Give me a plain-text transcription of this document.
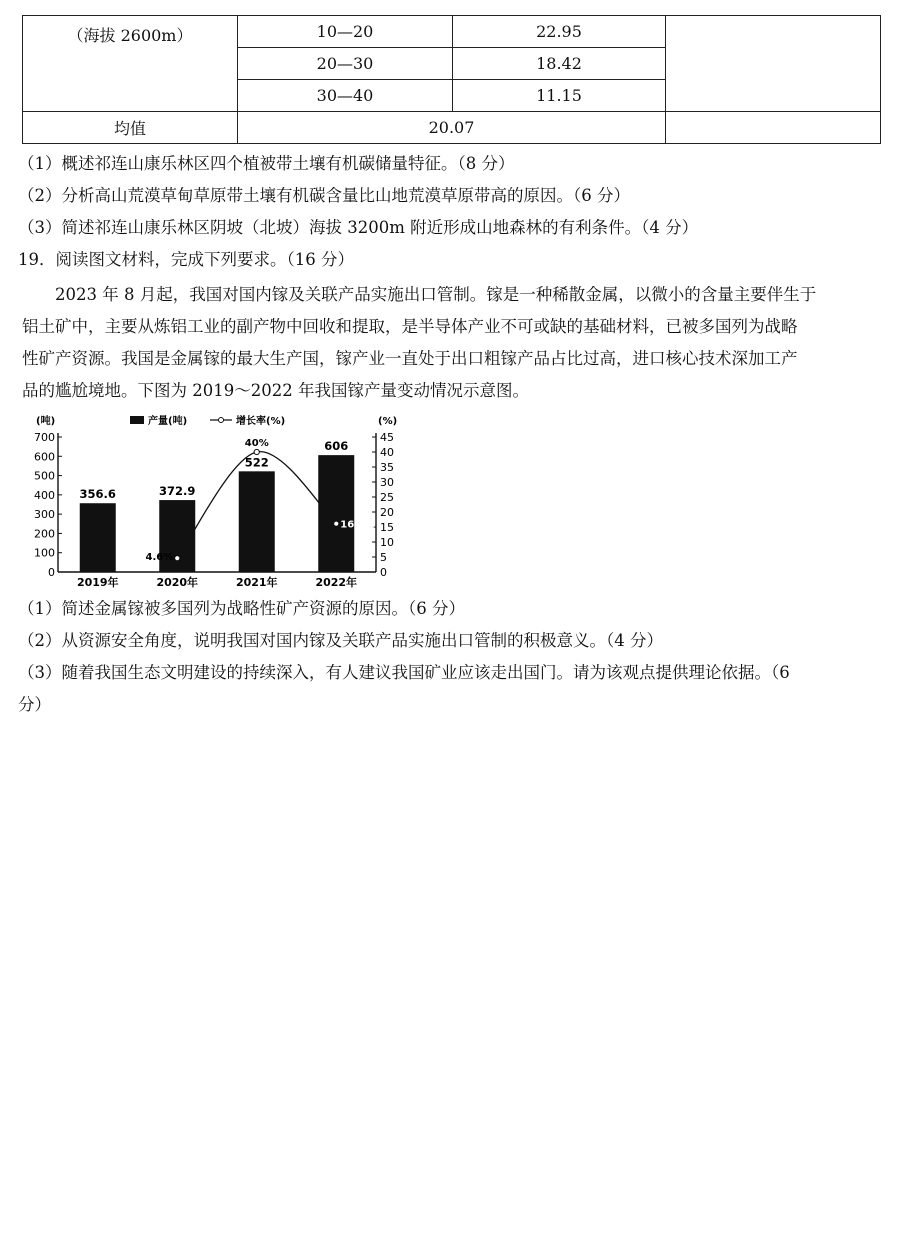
（海拔 2600m）	10—20	22.95	
	20—30	18.42	
	30—40	11.15	
均值	20.07		
（1）概述祁连山康乐林区四个植被带土壤有机碳储量特征。（8 分）
（2）分析高山荒漠草甸草原带土壤有机碳含量比山地荒漠草原带高的原因。（6 分）
（3）简述祁连山康乐林区阴坡（北坡）海拔 3200m 附近形成山地森林的有利条件。（4 分）
19．阅读图文材料，完成下列要求。（16 分）
2023 年 8 月起，我国对国内镓及关联产品实施出口管制。镓是一种稀散金属，以微小的含量主要伴生于
铝土矿中，主要从炼铝工业的副产物中回收和提取，是半导体产业不可或缺的基础材料，已被多国列为战略
性矿产资源。我国是金属镓的最大生产国，镓产业一直处于出口粗镓产品占比过高，进口核心技术深加工产
品的尴尬境地。下图为 2019～2022 年我国镓产量变动情况示意图。
(吨)	(%)
0
100
200
300
400
500
600
700
0
5
10
15
20
25
30
35
40
45
产量(吨)	增长率(%)
356.6
2019年
372.9
2020年
522
2021年
606
2022年
4.6%
40%
16.1%
（1）简述金属镓被多国列为战略性矿产资源的原因。（6 分）
（2）从资源安全角度，说明我国对国内镓及关联产品实施出口管制的积极意义。（4 分）
（3）随着我国生态文明建设的持续深入，有人建议我国矿业应该走出国门。请为该观点提供理论依据。（6
分）
